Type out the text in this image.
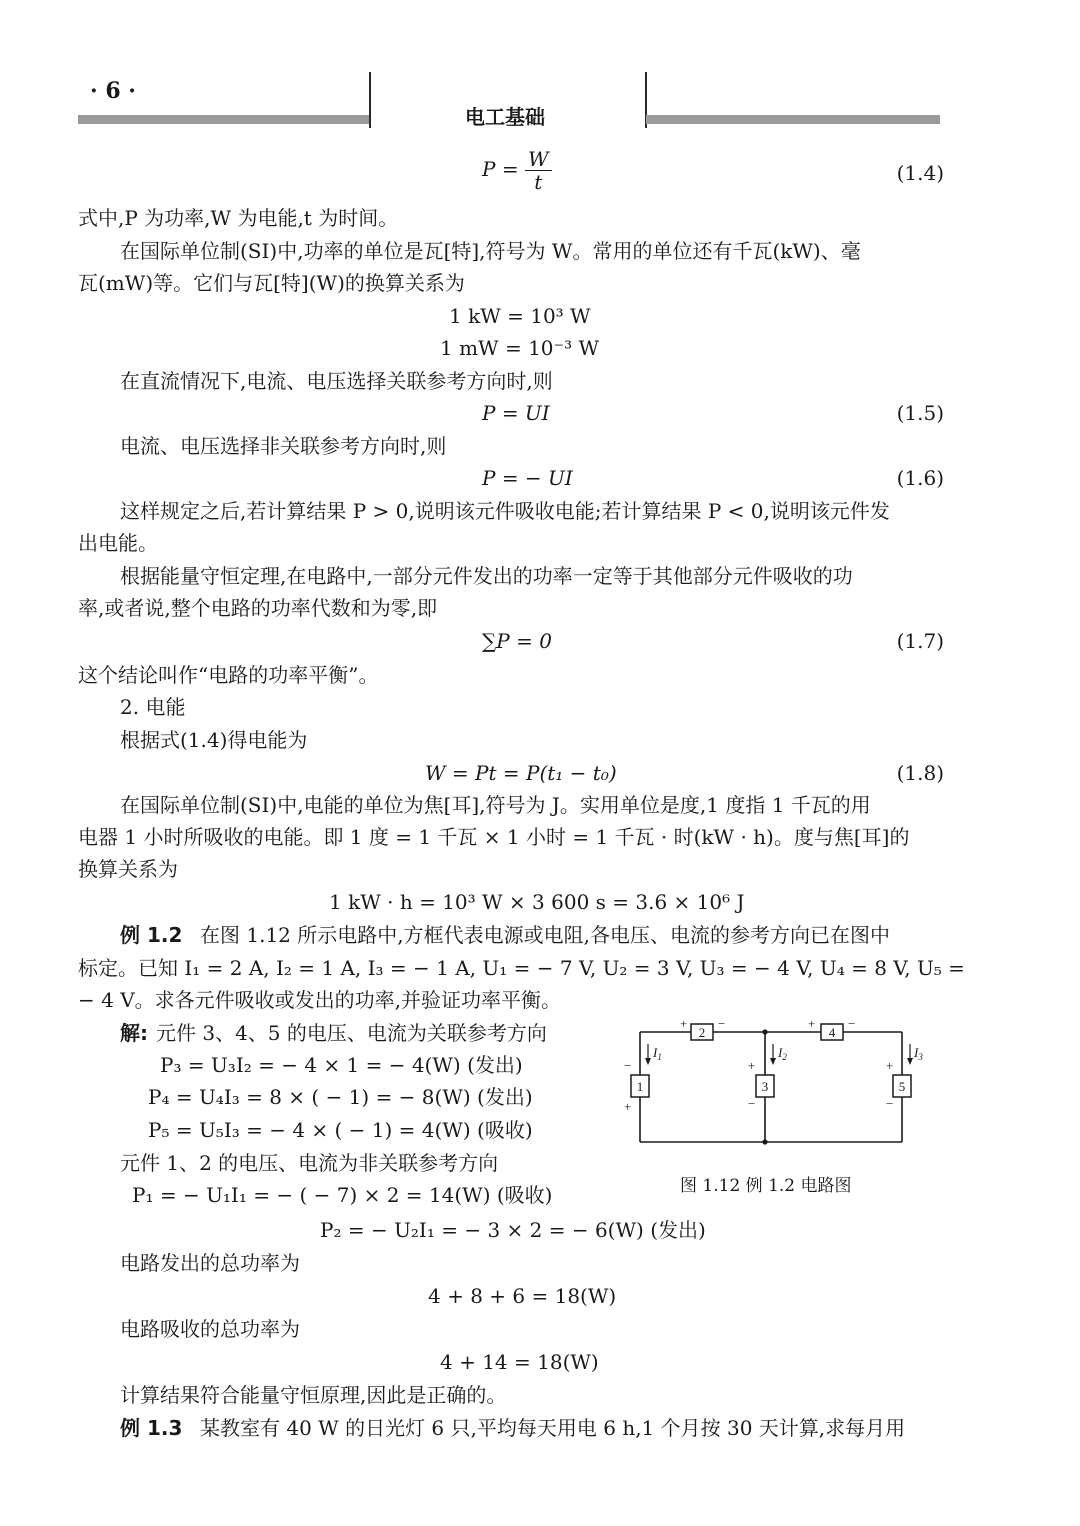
· 6 ·
电工基础
$P = \frac{W}{t}$	(1.4)
式中,P 为功率,W 为电能,t 为时间。
在国际单位制(SI)中,功率的单位是瓦[特],符号为 W。常用的单位还有千瓦(kW)、毫
瓦(mW)等。它们与瓦[特](W)的换算关系为
1 kW = 10³ W
1 mW = 10⁻³ W
在直流情况下,电流、电压选择关联参考方向时,则
P = UI	(1.5)
电流、电压选择非关联参考方向时,则
P = − UI	(1.6)
这样规定之后,若计算结果 P > 0,说明该元件吸收电能;若计算结果 P < 0,说明该元件发
出电能。
根据能量守恒定理,在电路中,一部分元件发出的功率一定等于其他部分元件吸收的功
率,或者说,整个电路的功率代数和为零,即
∑P = 0	(1.7)
这个结论叫作“电路的功率平衡”。
2. 电能
根据式(1.4)得电能为
W = Pt = P(t₁ − t₀)	(1.8)
在国际单位制(SI)中,电能的单位为焦[耳],符号为 J。实用单位是度,1 度指 1 千瓦的用
电器 1 小时所吸收的电能。即 1 度 = 1 千瓦 × 1 小时 = 1 千瓦 · 时(kW · h)。度与焦[耳]的
换算关系为
1 kW · h = 10³ W × 3 600 s = 3.6 × 10⁶ J
例 1.2 在图 1.12 所示电路中,方框代表电源或电阻,各电压、电流的参考方向已在图中
标定。已知 I₁ = 2 A, I₂ = 1 A, I₃ = − 1 A, U₁ = − 7 V, U₂ = 3 V, U₃ = − 4 V, U₄ = 8 V, U₅ =
− 4 V。求各元件吸收或发出的功率,并验证功率平衡。
解: 元件 3、4、5 的电压、电流为关联参考方向
P₃ = U₃I₂ = − 4 × 1 = − 4(W) (发出)
P₄ = U₄I₃ = 8 × ( − 1) = − 8(W) (发出)
P₅ = U₅I₃ = − 4 × ( − 1) = 4(W) (吸收)
元件 1、2 的电压、电流为非关联参考方向
P₁ = − U₁I₁ = − ( − 7) × 2 = 14(W) (吸收)
P₂ = − U₂I₁ = − 3 × 2 = − 6(W) (发出)
电路发出的总功率为
4 + 8 + 6 = 18(W)
电路吸收的总功率为
4 + 14 = 18(W)
计算结果符合能量守恒原理,因此是正确的。
例 1.3 某教室有 40 W 的日光灯 6 只,平均每天用电 6 h,1 个月按 30 天计算,求每月用
2	4
1	3	5
+ −	+	−
−
+
+
−
+
−
$I_1$	$I_2$	$I_3$
图 1.12 例 1.2 电路图
